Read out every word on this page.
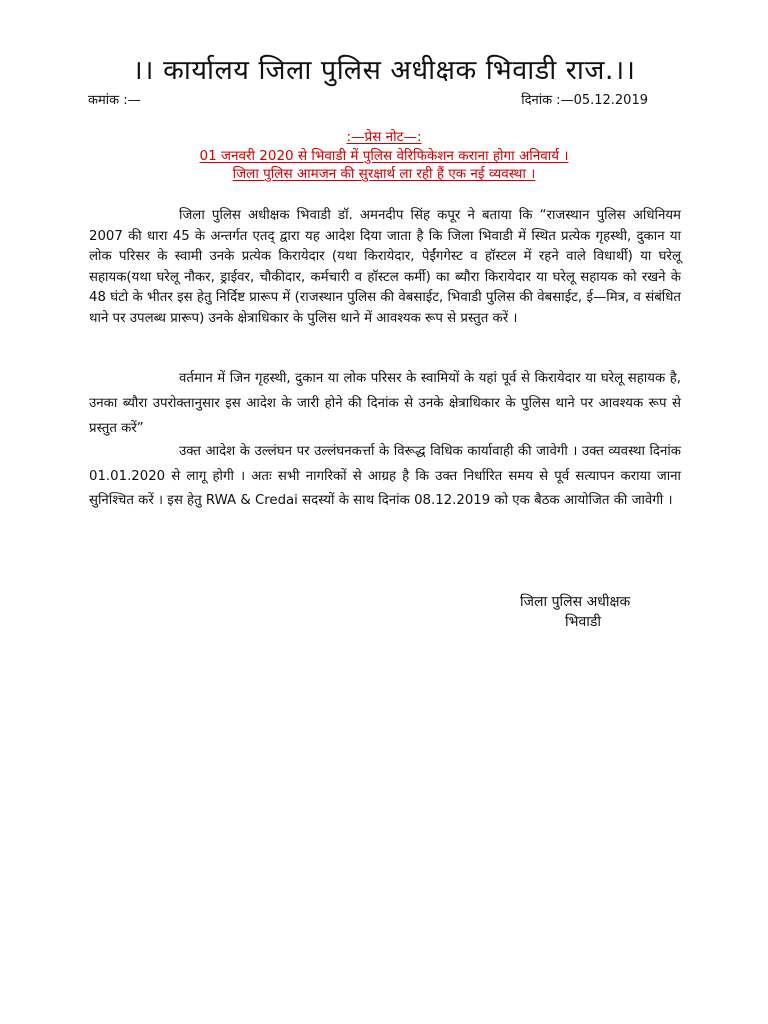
।। कार्यालय जिला पुलिस अधीक्षक भिवाडी राज.।।
कमांक :—	दिनांक :—05.12.2019
:—प्रेस नोट—:
01 जनवरी 2020 से भिवाडी में पुलिस वेरिफिकेशन कराना होगा अनिवार्य ।
जिला पुलिस आमजन की सुरक्षार्थ ला रही हैं एक नई व्यवस्था ।

जिला पुलिस अधीक्षक भिवाडी डॉ. अमनदीप सिंह कपूर ने बताया कि “राजस्थान पुलिस अधिनियम 2007 की धारा 45 के अन्तर्गत एतद् द्वारा यह आदेश दिया जाता है कि जिला भिवाडी में स्थित प्रत्येक गृहस्थी, दुकान या लोक परिसर के स्वामी उनके प्रत्येक किरायेदार (यथा किरायेदार, पेईंगगेस्ट व हॉस्टल में रहने वाले विधार्थी) या घरेलू सहायक(यथा घरेलू नौकर, ड्राईवर, चौकीदार, कर्मचारी व हॉस्टल कर्मी) का ब्यौरा किरायेदार या घरेलू सहायक को रखने के 48 घंटो के भीतर इस हेतु निर्दिष्ट प्रारूप में (राजस्थान पुलिस की वेबसाईट, भिवाडी पुलिस की वेबसाईट, ई—मित्र, व संबंधित थाने पर उपलब्ध प्रारूप) उनके क्षेत्राधिकार के पुलिस थाने में आवश्यक रूप से प्रस्तुत करें ।

वर्तमान में जिन गृहस्थी, दुकान या लोक परिसर के स्वामियों के यहां पूर्व से किरायेदार या घरेलू सहायक है, उनका ब्यौरा उपरोक्तानुसार इस आदेश के जारी होने की दिनांक से उनके क्षेत्राधिकार के पुलिस थाने पर आवश्यक रूप से प्रस्तुत करें”

उक्त आदेश के उल्लंघन पर उल्लंघनकर्त्ता के विरूद्ध विधिक कार्यावाही की जावेगी । उक्त व्यवस्था दिनांक 01.01.2020 से लागू होगी । अतः सभी नागरिकों से आग्रह है कि उक्त निर्धारित समय से पूर्व सत्यापन कराया जाना सुनिश्चित करें । इस हेतु RWA & Credai सदस्यों के साथ दिनांक 08.12.2019 को एक बैठक आयोजित की जावेगी ।

जिला पुलिस अधीक्षक
भिवाडी
